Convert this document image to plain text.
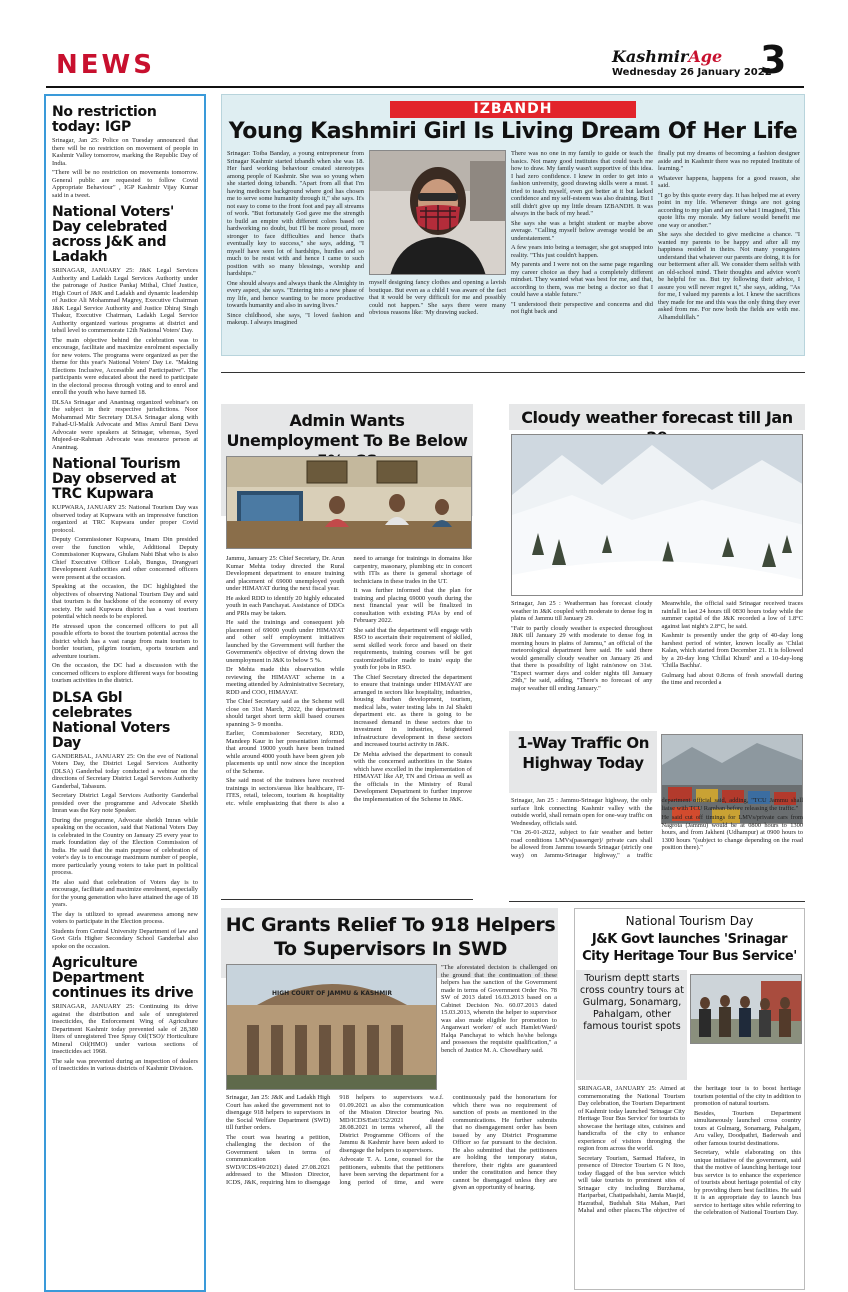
NEWS	KashmirAge
Wednesday 26 January 2022
3
No restriction today: IGP

Srinagar, Jan 25: Police on Tuesday announced that there will be no restriction on movement of people in Kashmir Valley tomorrow, marking the Republic Day of India.

"There will be no restriction on movements tomorrow. General public are requested to follow Covid Appropriate Behaviour" , IGP Kashmir Vijay Kumar said in a tweet.

National Voters' Day celebrated across J&K and Ladakh

SRINAGAR, JANUARY 25: J&K Legal Services Authority and Ladakh Legal Services Authority under the patronage of Justice Pankaj Mithal, Chief Justice, High Court of J&K and Ladakh and dynamic leadership of Justice Ali Mohammad Magrey, Executive Chairman J&K Legal Service Authority and Justice Dhiraj Singh Thakur, Executive Chairman, Ladakh Legal Service Authority organized various programs at district and tehsil level to commemorate 12th National Voters' Day.

The main objective behind the celebration was to encourage, facilitate and maximize enrolment especially for new voters. The programs were organized as per the theme for this year's National Voters' Day i.e. "Making Elections Inclusive, Accessible and Participative". The participants were educated about the need to participate in the electoral process through voting and to enrol and enroll the youth who have turned 18.

DLSAs Srinagar and Anantnag organized webinar's on the subject in their respective jurisdictions. Noor Mohammad Mir Secretary DLSA Srinagar along with Fahad-Ul-Malik Advocate and Miss Amrul Bani Deva Advocate were speakers at Srinagar, whereas, Syed Mujeed-ur-Rahman Advocate was resource person at Anantnag.

National Tourism Day observed at TRC Kupwara

KUPWARA, JANUARY 25: National Tourism Day was observed today at Kupwara with an impressive function organized at TRC Kupwara under proper Covid protocol.

Deputy Commissioner Kupwara, Imam Din presided over the function while, Additional Deputy Commissioner Kupwara, Ghulam Nabi Bhat who is also Chief Executive Officer Lolab, Bungus, Drangyari Development Authorities and other concerned officers were present at the occasion.

Speaking at the occasion, the DC highlighted the objectives of observing National Tourism Day and said that tourism is the backbone of the economy of every society. He said Kupwara district has a vast tourism potential which needs to be explored.

He stressed upon the concerned officers to put all possible efforts to boost the tourism potential across the district which has a vast range from main tourism to border tourism, pilgrim tourism, sports tourism and adventure tourism.

On the occasion, the DC had a discussion with the concerned officers to explore different ways for boosting tourism activities in the district.

DLSA Gbl celebrates National Voters Day

GANDERBAL, JANUARY 25: On the eve of National Voters Day, the District Legal Services Authority (DLSA) Ganderbal today conducted a webinar on the directions of Secretary District Legal Services Authority Ganderbal, Tabasum.

Secretary District Legal Services Authority Ganderbal presided over the programme and Advocate Sheikh Imran was the Key note Speaker.

During the programme, Advocate sheikh Imran while speaking on the occasion, said that National Voters Day is celebrated in the Country on January 25 every year to mark foundation day of the Election Commission of India. He said that the main purpose of celebration of voter's day is to encourage maximum number of people, more particularly young voters to take part in political process.

He also said that celebration of Voters day is to encourage, facilitate and maximize enrolment, especially for the young generation who have attained the age of 18 years.

The day is utilized to spread awareness among new voters to participate in the Election process.

Students from Central University Department of law and Govt Girls Higher Secondary School Ganderbal also spoke on the occasion.

Agriculture Department continues its drive

SRINAGAR, JANUARY 25: Continuing its drive against the distribution and sale of unregistered insecticides, the Enforcement Wing of Agriculture Department Kashmir today prevented sale of 28,380 liters of unregistered Tree Spray Oil(TSO)/ Horticulture Mineral Oil(HMO) under various sections of insecticides act 1968.

The sale was prevented during an inspection of dealers of insecticides in various districts of Kashmir Division.

IZBANDH
Young Kashmiri Girl Is Living Dream Of Her Life

Srinagar: Toiba Banday, a young entrepreneur from Srinagar Kashmir started izbandh when she was 18. Her hard working behaviour created stereotypes among people of Kashmir. She was so young when she started doing izbandh. "Apart from all that I'm having mediocre background where god has chosen me to serve some humanity through it," she says. It's not easy to come to the front foot and pay all streams of work. "But fortunately God gave me the strength to build an empire with different colors based on hardworking no doubt, but I'll be more proud, more stronger to face difficulties and hence that's eventually key to success," she says, adding, "I myself have seen lot of hardships, hurdles and so much to be resist with and hence I came to such position with so many blessings, worship and hardships."

One should always and always thank the Almighty in every aspect, she says. "Entering into a new phase of my life, and hence wanting to be more productive towards humanity and also in saving lives."

Since childhood, she says, "I loved fashion and makeup. I always imagined

myself designing fancy clothes and opening a lavish boutique. But even as a child I was aware of the fact that it would be very difficult for me and possibly could not happen." She says there were many obvious reasons like: 'My drawing sucked.

There was no one in my family to guide or teach the basics. Not many good institutes that could teach me how to draw. My family wasn't supportive of this idea. I had zero confidence. I knew in order to get into a fashion university, good drawing skills were a must. I tried to teach myself, even got better at it but lacked confidence and my self-esteem was also draining. But I still didn't give up my little dream IZBANDH. It was always in the back of my head."

She says she was a bright student or maybe above average. "Calling myself below average would be an understatement."

A few years into being a teenager, she got snapped into reality. "This just couldn't happen.

My parents and I were not on the same page regarding my career choice as they had a completely different mindset. They wanted what was best for me, and that, according to them, was me being a doctor so that I could have a stable future."

"I understood their perspective and concerns and did not fight back and

finally put my dreams of becoming a fashion designer aside and in Kashmir there was no reputed Institute of learning."

Whatever happens, happens for a good reason, she said.

"I go by this quote every day. It has helped me at every point in my life. Whenever things are not going according to my plan and are not what I imagined, This quote lifts my morale. My failure would benefit me one way or another."

She says she decided to give medicine a chance. "I wanted my parents to be happy and after all my happiness resided in theirs. Not many youngsters understand that whatever our parents are doing, it is for our betterment after all. We consider them selfish with an old-school mind. Their thoughts and advice won't be helpful for us. But try following their advice, I assure you will never regret it," she says, adding, "As for me, I valued my parents a lot. I knew the sacrifices they made for me and this was the only thing they ever asked from me. For now both the fields are with me. Alhamdulillah."

Admin Wants Unemployment To Be Below

Jammu, January 25: Chief Secretary, Dr. Arun Kumar Mehta today directed the Rural Development department to ensure training and placement of 69000 unemployed youth under HIMAYAT during the next fiscal year.

He asked RDD to identify 20 highly educated youth in each Panchayat. Assistance of DDCs and PRIs may be taken.

He said the trainings and consequent job placement of 69000 youth under HIMAYAT and other self employment initiatives launched by the Government will further the Government's objective of driving down the unemployment in J&K to below 5 %.

Dr Mehta made this observation while reviewing the HIMAYAT scheme in a meeting attended by Administrative Secretary, RDD and COO, HIMAYAT.

The Chief Secretary said as the Scheme will close on 31st March, 2022, the department should target short term skill based courses spanning 3- 9 months.

Earlier, Commissioner Secretary, RDD, Mandeep Kaur in her presentation informed that around 19000 youth have been trained while around 4000 youth have been given job placements up until now since the inception of the Scheme.

She said most of the trainees have received trainings in sectors/areas like healthcare, IT-ITES, retail, telecom, tourism & hospitality etc. while emphasizing that there is also a need to arrange for trainings in domains like carpentry, masonary, plumbing etc in concert with ITIs as there is general shortage of technicians in these trades in the UT.

It was further informed that the plan for training and placing 69000 youth during the next financial year will be finalized in consultation with existing PIAs by end of February 2022.

She said that the department will engage with RSO to ascertain their requirement of skilled, semi skilled work force and based on their requirements, training courses will be got customized/tailor made to train/ equip the youth for jobs in RSO.

The Chief Secretary directed the department to ensure that trainings under HIMAYAT are arranged in sectors like hospitality, industries, housing &urban development, tourism, medical labs, water testing labs in Jal Shakti department etc. as there is going to be increased demand in these sectors due to investment in industries, heightened infrastructure development in these sectors and increased tourist activity in J&K.

Dr Mehta advised the department to consult with the concerned authorities in the States which have excelled in the implementation of HIMAYAT like AP, TN and Orissa as well as the officials in the Ministry of Rural Development Department to further improve the implementation of the Scheme in J&K.

Cloudy weather forecast till Jan

Srinagar, Jan 25 : Weatherman has forecast cloudy weather in J&K coupled with moderate to dense fog in plains of Jammu till January 29.

"Fair to partly cloudy weather is expected throughout J&K till January 29 with moderate to dense fog in morning hours in plains of Jammu," an official of the meteorological department here said. He said there would generally cloudy weather on January 26 and that there is possibility of light rain/snow on 31st. "Expect warmer days and colder nights till January 29th," he said, adding, "There's no forecast of any major weather till ending January."

Meanwhile, the official said Srinagar received traces rainfall in last 24 hours till 0830 hours today while the summer capital of the J&K recorded a low of 1.8°C against last night's 2.8°C, he said.

Kashmir is presently under the grip of 40-day long harshest period of winter, known locally as 'Chilai Kalan, which started from December 21. It is followed by a 20-day long 'Chillai Khurd' and a 10-day-long 'Chilla Bachha'.

Gulmarg had about 0.8cms of fresh snowfall during the time and recorded a

1-Way Traffic On Highway Today

Srinagar, Jan 25 : Jammu-Srinagar highway, the only surface link connecting Kashmir valley with the outside world, shall remain open for one-way traffic on Wednesday, officials said.

"On 26-01-2022, subject to fair weather and better road conditions LMVs(passenger)/ private cars shall be allowed from Jammu towards Srinagar (strictly one way) on Jammu-Srinagar highway," a traffic department official said, adding, "TCU Jammu shall liaise with TCU Ramban before releasing the traffic."

He said cut off timings for LMVs/private cars from Nagrota (Jammu) would be at 0800 hours to 1300 hours, and from Jakheni (Udhampur) at 0900 hours to 1300 hours "(subject to change depending on the road position there)."

HC Grants Relief To 918 Helpers To Supervisors In SWD
HIGH COURT OF JAMMU & KASHMIR

Srinagar, Jan 25: J&K and Ladakh High Court has asked the government not to disengage 918 helpers to supervisors in the Social Welfare Department (SWD) till further orders.

The court was hearing a petition, challenging the decision of the Government taken in terms of communication (no. SWD/ICDS/49/2021) dated 27.08.2021 addressed to the Mission Director, ICDS, J&K, requiring him to disengage 918 helpers to supervisors w.e.f. 01.09.2021 as also the communication of the Mission Director bearing No. MD/ICDS/Estt/152/2021 dated 28.08.2021 in terms whereof, all the District Programme Officers of the Jammu & Kashmir have been asked to disengage the helpers to supervisors.

Advocate T. A. Lone, counsel for the petitioners, submits that the petitioners have been serving the department for a long period of time, and were continuously paid the honorarium for which there was no requirement of sanction of posts as mentioned in the communications. He further submits that no disengagement order has been issued by any District Programme Officer so far pursuant to the decision. He also submitted that the petitioners are holding the temporary status, therefore, their rights are guaranteed under the constitution and hence they cannot be disengaged unless they are given an opportunity of hearing.

"The aforestated decision is challenged on the ground that the continuation of these helpers has the sanction of the Government made in terms of Government Order No. 78 SW of 2013 dated 16.03.2013 based on a Cabinet Decision No. 60.07.2013 dated 15.03.2013, wherein the helper to supervisor was also made eligible for promotion to Anganwari worker/ of such Hamlet/Ward/ Halqa Panchayat to which he/she belongs and possesses the requisite qualification," a bench of Justice M. A. Chowdhary said.

National Tourism Day
J&K Govt launches 'Srinagar City Heritage Tour Bus Service'
Tourism deptt starts cross country tours at Gulmarg, Sonamarg, Pahalgam, other famous tourist spots

SRINAGAR, JANUARY 25: Aimed at commemorating the National Tourism Day celebration, the Tourism Department of Kashmir today launched 'Srinagar City Heritage Tour Bus Service' for tourists to showcase the heritage sites, cuisines and handicrafts of the city to enhance experience of visitors thronging the region from across the world.

Secretary Tourism, Sarmad Hafeez, in presence of Director Tourism G N Itoo, today flagged of the bus service which will take tourists to prominent sites of Srinagar city including Burzhama, Hariparbat, Chatipadshahi, Jamia Masjid, Hazratbal, Budshah Sita Mahan, Pari Mahal and other places.The objective of the heritage tour is to boost heritage tourism potential of the city in addition to promotion of natural tourism.

Besides, Tourism Department simultaneously launched cross country tours at Gulmarg, Sonamarg, Pahalgam, Aru valley, Doodpathri, Baderwah and other famous tourist destinations.

Secretary, while elaborating on this unique initiative of the government, said that the motive of launching heritage tour bus service is to enhance the experience of tourists about heritage potential of city by providing them best facilities. He said it is an appropriate day to launch bus service to heritage sites while referring to the celebration of National Tourism Day.
